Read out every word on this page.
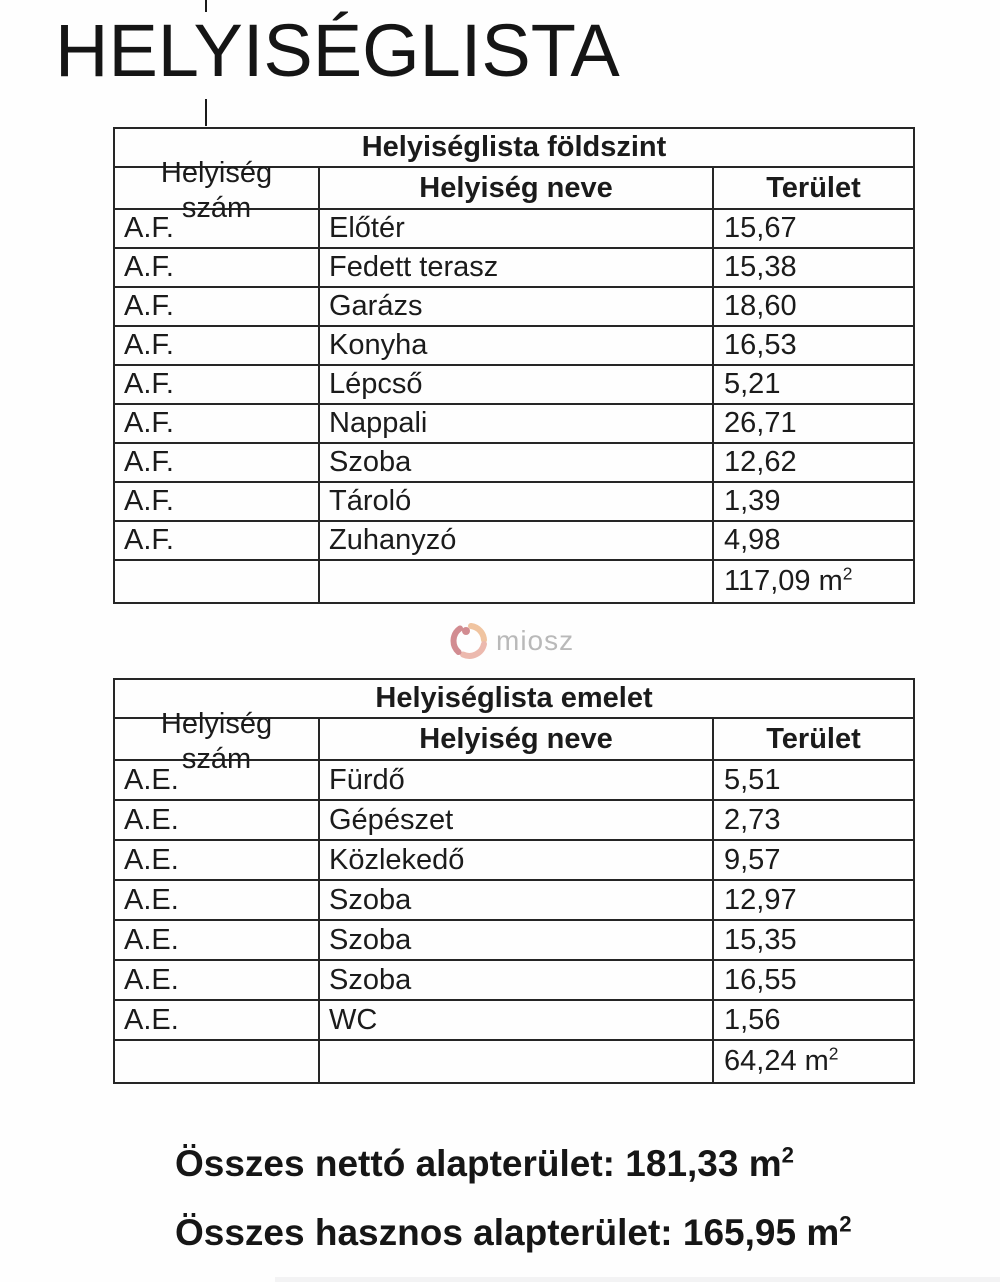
HELYISÉGLISTA
Helyiség
szám
Helyiséglista földszint		
	Helyiség neve	Terület
A.F.	Előtér	15,67
A.F.	Fedett terasz	15,38
A.F.	Garázs	18,60
A.F.	Konyha	16,53
A.F.	Lépcső	5,21
A.F.	Nappali	26,71
A.F.	Szoba	12,62
A.F.	Tároló	1,39
A.F.	Zuhanyzó	4,98
		117,09 $m^2$
miosz
Helyiség
szám
Helyiséglista emelet		
	Helyiség neve	Terület
A.E.	Fürdő	5,51
A.E.	Gépészet	2,73
A.E.	Közlekedő	9,57
A.E.	Szoba	12,97
A.E.	Szoba	15,35
A.E.	Szoba	16,55
A.E.	WC	1,56
		64,24 $m^2$
Összes nettó alapterület: 181,33 $m^2$
Összes hasznos alapterület: 165,95 $m^2$
